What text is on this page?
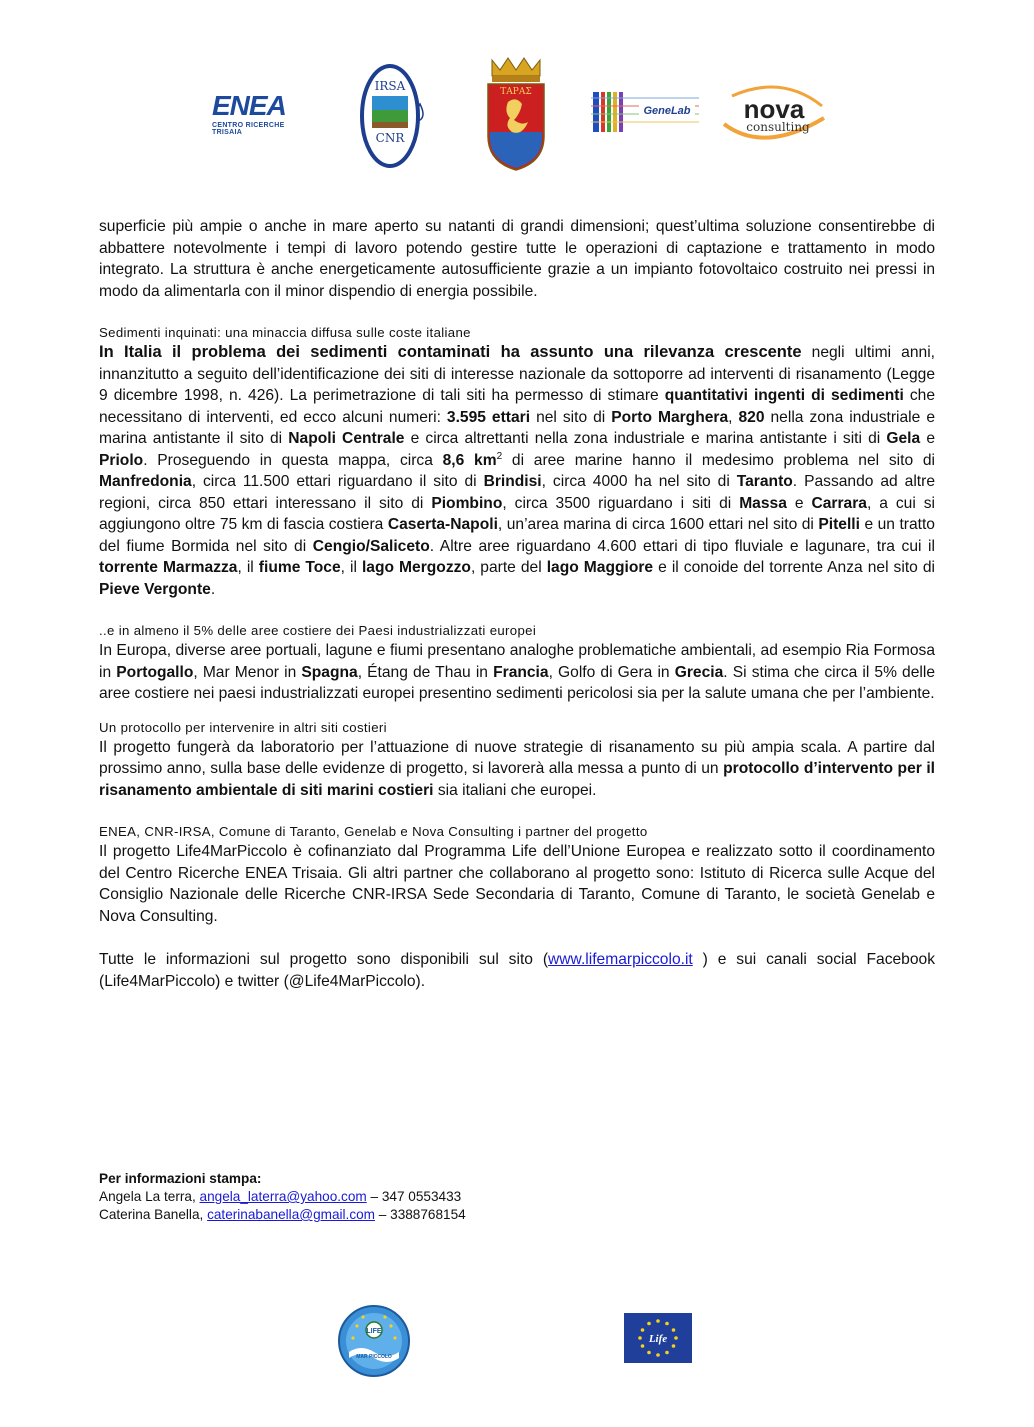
ENEA
CENTRO RICERCHE TRISAIA
IRSA
CNR
ΤΑΡΑΣ
GeneLab nova
consulting

superficie più ampie o anche in mare aperto su natanti di grandi dimensioni; quest’ultima soluzione consentirebbe di abbattere notevolmente i tempi di lavoro potendo gestire tutte le operazioni di captazione e trattamento in modo integrato. La struttura è anche energeticamente autosufficiente grazie a un impianto fotovoltaico costruito nei pressi in modo da alimentarla con il minor dispendio di energia possibile.

Sedimenti inquinati: una minaccia diffusa sulle coste italiane

In Italia il problema dei sedimenti contaminati ha assunto una rilevanza crescente negli ultimi anni, innanzitutto a seguito dell’identificazione dei siti di interesse nazionale da sottoporre ad interventi di risanamento (Legge 9 dicembre 1998, n. 426). La perimetrazione di tali siti ha permesso di stimare quantitativi ingenti di sedimenti che necessitano di interventi, ed ecco alcuni numeri: 3.595 ettari nel sito di Porto Marghera, 820 nella zona industriale e marina antistante il sito di Napoli Centrale e circa altrettanti nella zona industriale e marina antistante i siti di Gela e Priolo. Proseguendo in questa mappa, circa 8,6 $km^2$ di aree marine hanno il medesimo problema nel sito di Manfredonia, circa 11.500 ettari riguardano il sito di Brindisi, circa 4000 ha nel sito di Taranto. Passando ad altre regioni, circa 850 ettari interessano il sito di Piombino, circa 3500 riguardano i siti di Massa e Carrara, a cui si aggiungono oltre 75 km di fascia costiera Caserta-Napoli, un’area marina di circa 1600 ettari nel sito di Pitelli e un tratto del fiume Bormida nel sito di Cengio/Saliceto. Altre aree riguardano 4.600 ettari di tipo fluviale e lagunare, tra cui il torrente Marmazza, il fiume Toce, il lago Mergozzo, parte del lago Maggiore e il conoide del torrente Anza nel sito di Pieve Vergonte.

..e in almeno il 5% delle aree costiere dei Paesi industrializzati europei

In Europa, diverse aree portuali, lagune e fiumi presentano analoghe problematiche ambientali, ad esempio Ria Formosa in Portogallo, Mar Menor in Spagna, Étang de Thau in Francia, Golfo di Gera in Grecia. Si stima che circa il 5% delle aree costiere nei paesi industrializzati europei presentino sedimenti pericolosi sia per la salute umana che per l’ambiente.

Un protocollo per intervenire in altri siti costieri

Il progetto fungerà da laboratorio per l’attuazione di nuove strategie di risanamento su più ampia scala. A partire dal prossimo anno, sulla base delle evidenze di progetto, si lavorerà alla messa a punto di un protocollo d’intervento per il risanamento ambientale di siti marini costieri sia italiani che europei.

ENEA, CNR-IRSA, Comune di Taranto, Genelab e Nova Consulting i partner del progetto

Il progetto Life4MarPiccolo è cofinanziato dal Programma Life dell’Unione Europea e realizzato sotto il coordinamento del Centro Ricerche ENEA Trisaia. Gli altri partner che collaborano al progetto sono: Istituto di Ricerca sulle Acque del Consiglio Nazionale delle Ricerche CNR-IRSA Sede Secondaria di Taranto, Comune di Taranto, le società Genelab e Nova Consulting.

Tutte le informazioni sul progetto sono disponibili sul sito (www.lifemarpiccolo.it ) e sui canali social Facebook (Life4MarPiccolo) e twitter (@Life4MarPiccolo).

Per informazioni stampa:
Angela La terra, angela_laterra@yahoo.com – 347 0553433
Caterina Banella, caterinabanella@gmail.com – 3388768154
LIFE
MAR PICCOLO
Life
